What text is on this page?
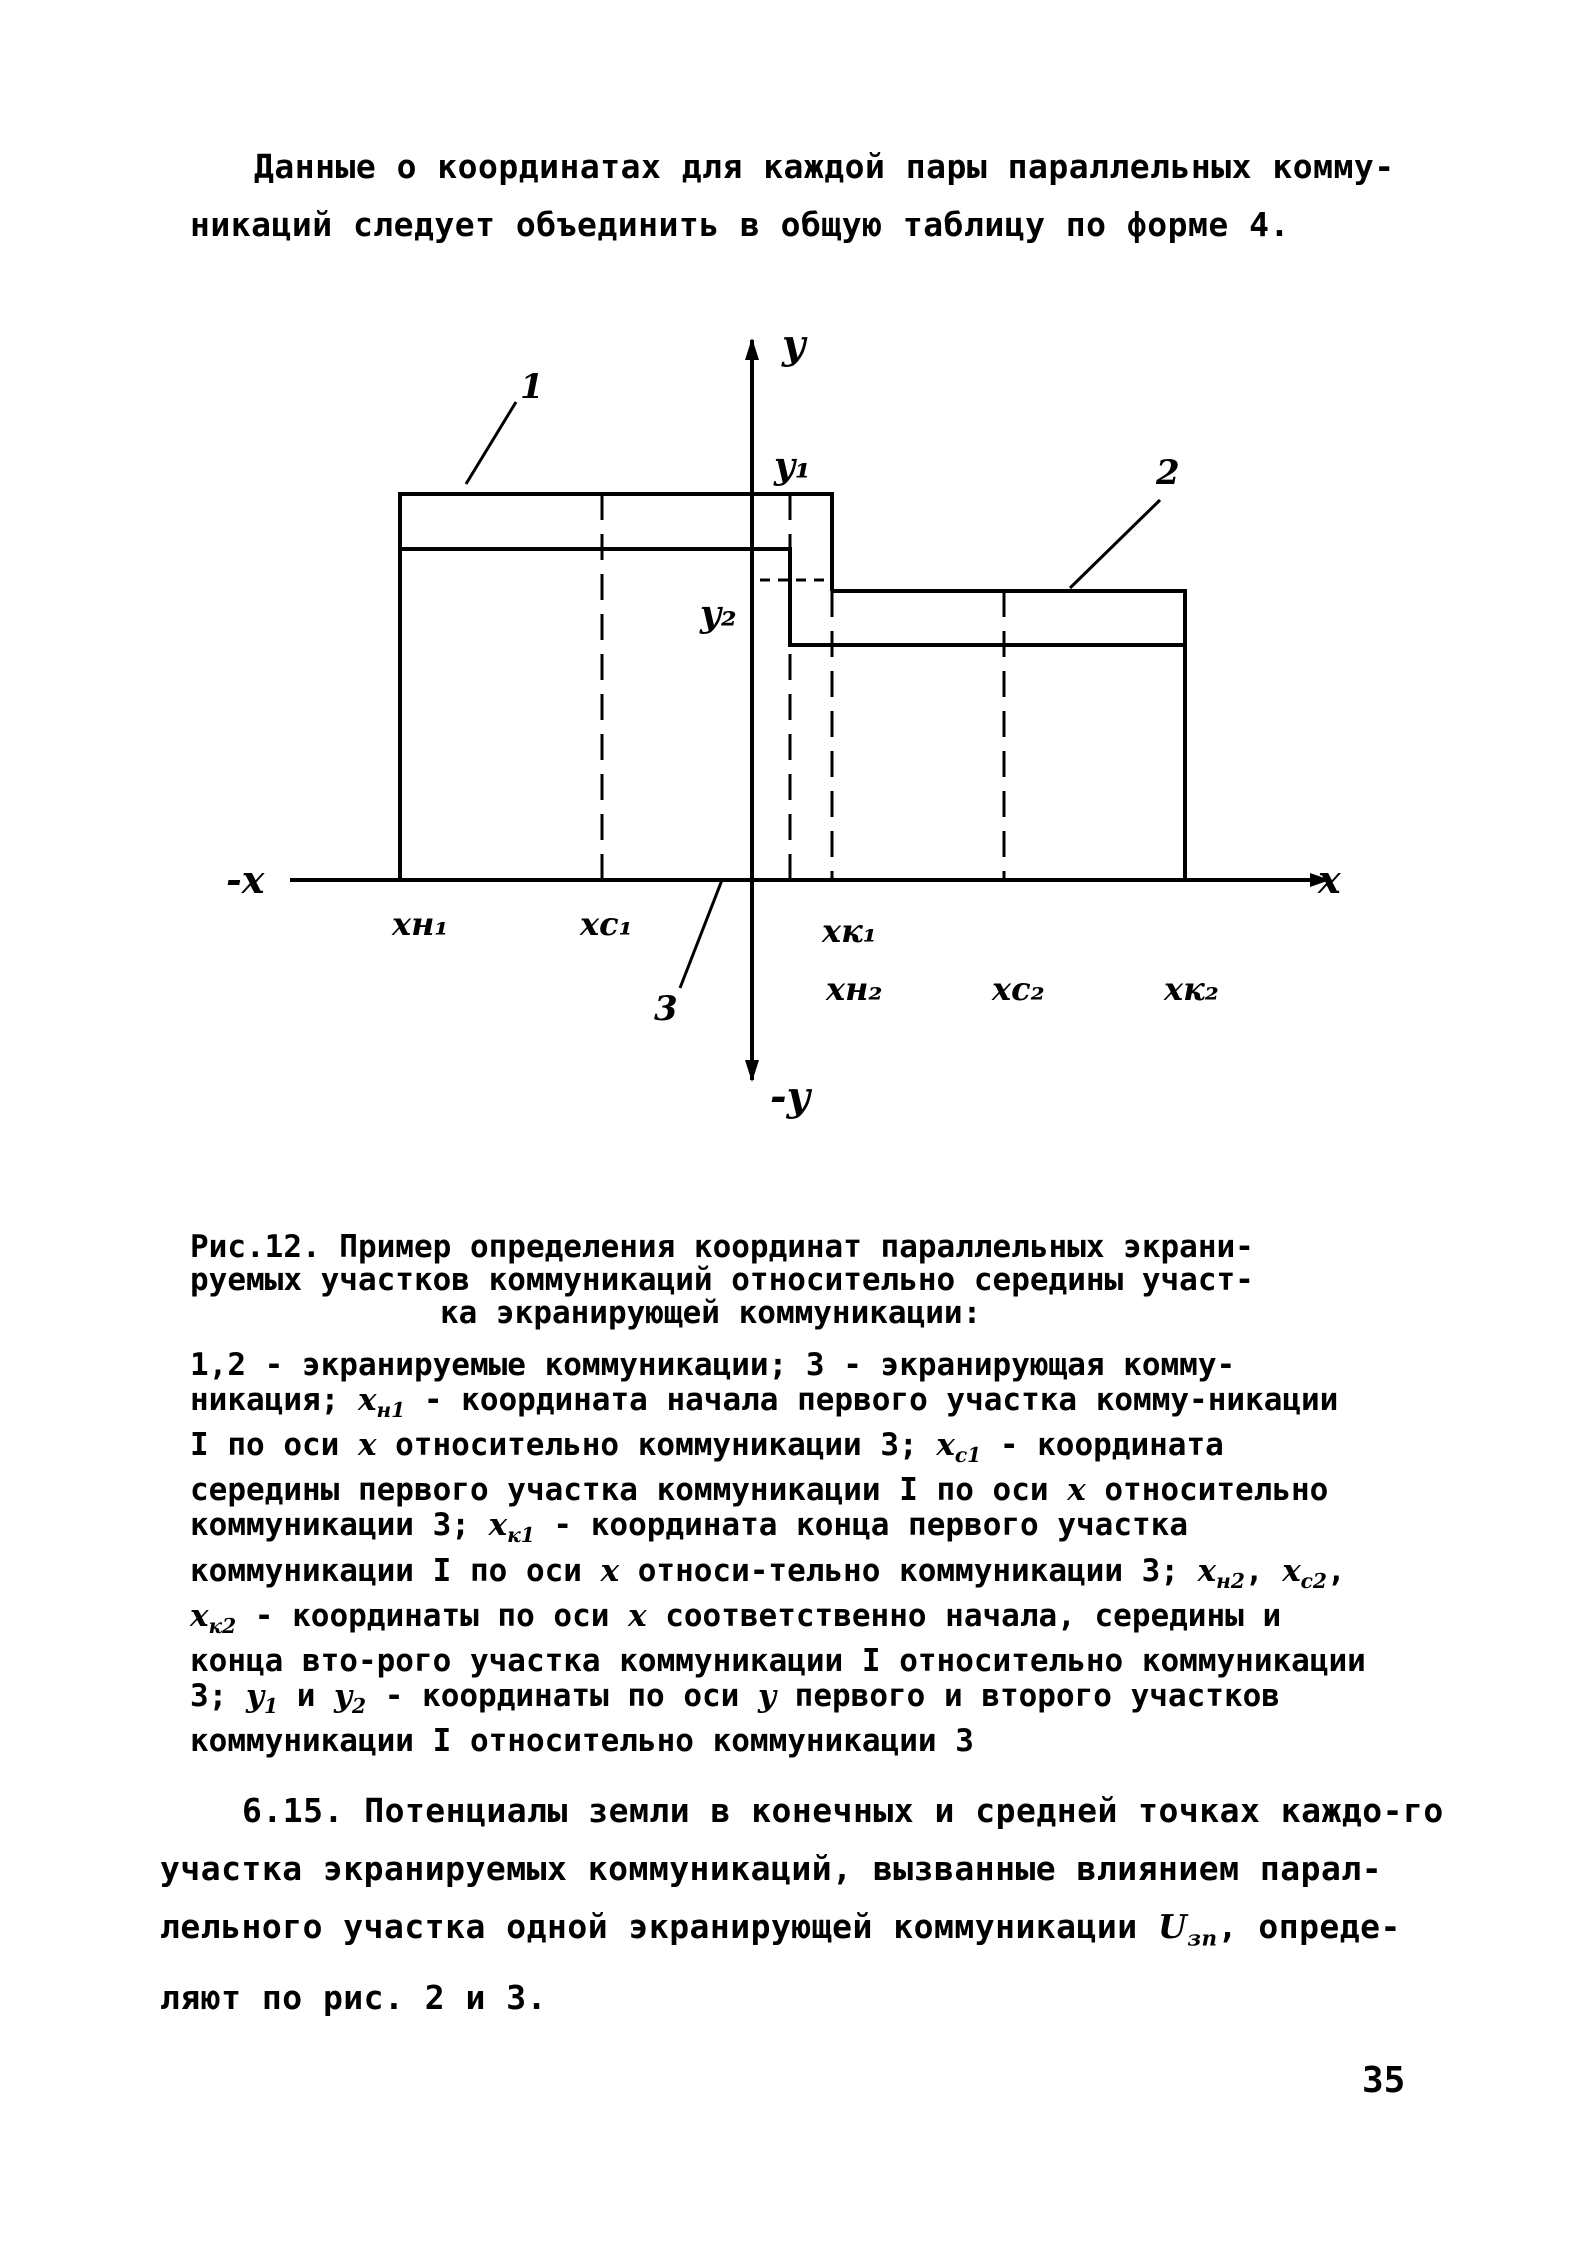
Данные о координатах для каждой пары параллельных комму-
никаций следует объединить в общую таблицу по форме 4.

y
-y
x
-x
1
2
3
y₁
y₂
xн₁	xс₁	xк₁
xн₂	xс₂	xк₂

Рис.12. Пример определения координат параллельных экрани-
руемых участков коммуникаций относительно середины участ-

ка экранирующей коммуникации:

1,2 - экранируемые коммуникации; 3 - экранирующая комму-никация; $x_{н1}$ - координата начала первого участка комму-никации I по оси x относительно коммуникации 3; $x_{с1}$ - координата середины первого участка коммуникации I по оси x относительно коммуникации 3; $x_{к1}$ - координата конца первого участка коммуникации I по оси x относи-тельно коммуникации 3; $x_{н2}$, $x_{с2}$, $x_{к2}$ - координаты по оси x соответственно начала, середины и конца вто-рого участка коммуникации I относительно коммуникации 3; $y_1$ и $y_2$ - координаты по оси y первого и второго участков коммуникации I относительно коммуникации 3

6.15. Потенциалы земли в конечных и средней точках каждо-го участка экранируемых коммуникаций, вызванные влиянием парал-лельного участка одной экранирующей коммуникации $U_{зп}$, опреде-ляют по рис. 2 и 3.

35
